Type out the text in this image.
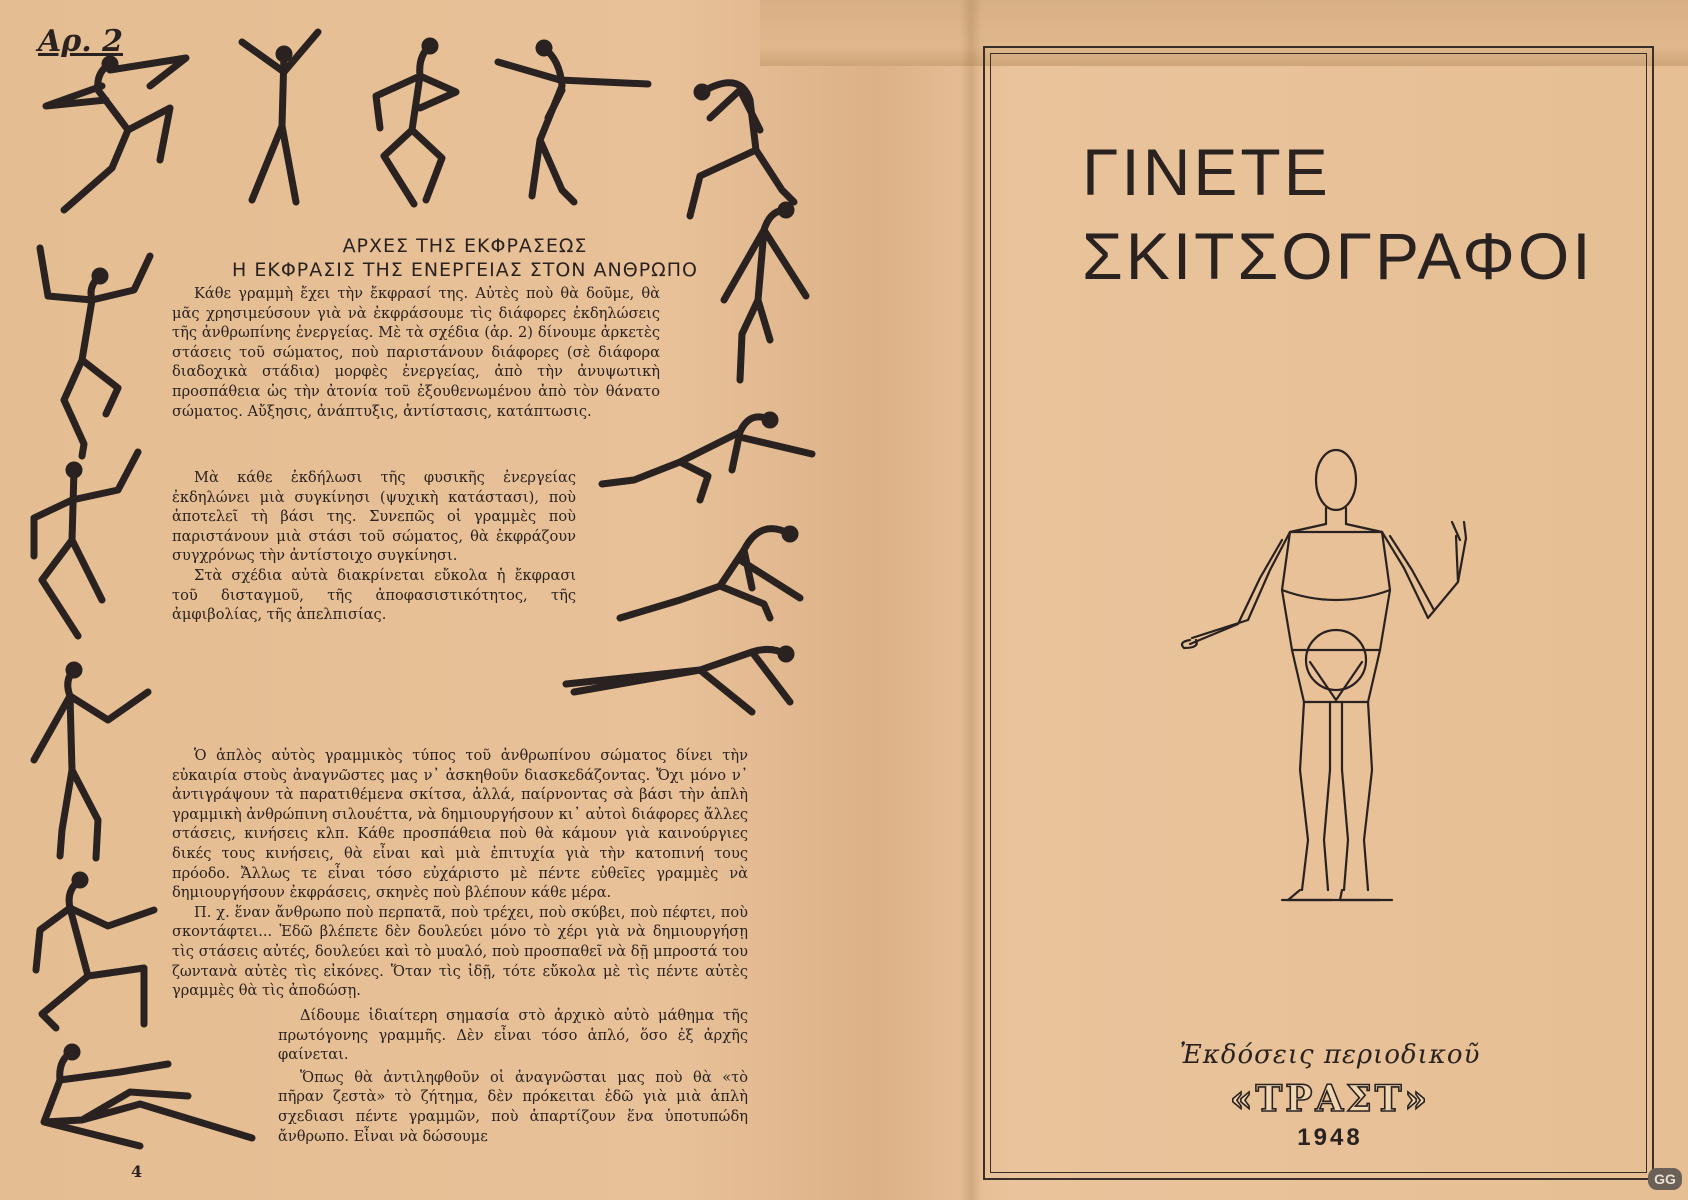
Αρ. 2
ΑΡΧΕΣ ΤΗΣ ΕΚΦΡΑΣΕΩΣ
Η ΕΚΦΡΑΣΙΣ ΤΗΣ ΕΝΕΡΓΕΙΑΣ ΣΤΟΝ ΑΝΘΡΩΠΟ

Κάθε γραμμὴ ἔχει τὴν ἔκφρασί της. Αὐτὲς ποὺ θὰ δοῦμε, θὰ μᾶς χρησιμεύσουν γιὰ νὰ ἐκφράσουμε τὶς διάφορες ἐκδηλώσεις τῆς ἀνθρωπίνης ἐνεργείας. Μὲ τὰ σχέδια (ἀρ. 2) δίνουμε ἀρκετὲς στάσεις τοῦ σώματος, ποὺ παριστάνουν διάφορες (σὲ διάφορα διαδοχικὰ στάδια) μορφὲς ἐνεργείας, ἀπὸ τὴν ἀνυψωτικὴ προσπάθεια ὡς τὴν ἀτονία τοῦ ἐξουθενωμένου ἀπὸ τὸν θάνατο σώματος. Αὔξησις, ἀνάπτυξις, ἀντίστασις, κατάπτωσις.

Μὰ κάθε ἐκδήλωσι τῆς φυσικῆς ἐνεργείας ἐκδηλώνει μιὰ συγκίνησι (ψυχικὴ κατάστασι), ποὺ ἀποτελεῖ τὴ βάσι της. Συνεπῶς οἱ γραμμὲς ποὺ παριστάνουν μιὰ στάσι τοῦ σώματος, θὰ ἐκφράζουν συγχρόνως τὴν ἀντίστοιχο συγκίνησι.

Στὰ σχέδια αὐτὰ διακρίνεται εὔκολα ἡ ἔκφρασι τοῦ δισταγμοῦ, τῆς ἀποφασιστικότητος, τῆς ἀμφιβολίας, τῆς ἀπελπισίας.

Ὁ ἁπλὸς αὐτὸς γραμμικὸς τύπος τοῦ ἀνθρωπίνου σώματος δίνει τὴν εὐκαιρία στοὺς ἀναγνῶστες μας ν᾽ ἀσκηθοῦν διασκεδάζοντας. Ὄχι μόνο ν᾽ ἀντιγράψουν τὰ παρατιθέμενα σκίτσα, ἀλλά, παίρνοντας σὰ βάσι τὴν ἁπλὴ γραμμικὴ ἀνθρώπινη σιλουέττα, νὰ δημιουργήσουν κι᾽ αὐτοὶ διάφορες ἄλλες στάσεις, κινήσεις κλπ. Κάθε προσπάθεια ποὺ θὰ κάμουν γιὰ καινούργιες δικές τους κινήσεις, θὰ εἶναι καὶ μιὰ ἐπιτυχία γιὰ τὴν κατοπινή τους πρόοδο. Ἄλλως τε εἶναι τόσο εὐχάριστο μὲ πέντε εὐθεῖες γραμμὲς νὰ δημιουργήσουν ἐκφράσεις, σκηνὲς ποὺ βλέπουν κάθε μέρα.

Π. χ. ἕναν ἄνθρωπο ποὺ περπατᾶ, ποὺ τρέχει, ποὺ σκύβει, ποὺ πέφτει, ποὺ σκοντάφτει... Ἐδῶ βλέπετε δὲν δουλεύει μόνο τὸ χέρι γιὰ νὰ δημιουργήσῃ τὶς στάσεις αὐτές, δουλεύει καὶ τὸ μυαλό, ποὺ προσπαθεῖ νὰ δῇ μπροστά του ζωντανὰ αὐτὲς τὶς εἰκόνες. Ὅταν τὶς ἰδῇ, τότε εὔκολα μὲ τὶς πέντε αὐτὲς γραμμὲς θὰ τὶς ἀποδώσῃ.

Δίδουμε ἰδιαίτερη σημασία στὸ ἀρχικὸ αὐτὸ μάθημα τῆς πρωτόγονης γραμμῆς. Δὲν εἶναι τόσο ἁπλό, ὅσο ἐξ ἀρχῆς φαίνεται.

Ὅπως θὰ ἀντιληφθοῦν οἱ ἀναγνῶσται μας ποὺ θὰ «τὸ πῆραν ζεστὰ» τὸ ζήτημα, δὲν πρόκειται ἐδῶ γιὰ μιὰ ἁπλὴ σχεδιασι πέντε γραμμῶν, ποὺ ἀπαρτίζουν ἕνα ὑποτυπώδη ἄνθρωπο. Εἶναι νὰ δώσουμε

4
ΓΙΝΕΤΕ
ΣΚΙΤΣΟΓΡΑΦΟΙ
Ἐκδόσεις περιοδικοῦ
«ΤΡΑΣΤ»
1948
GG
